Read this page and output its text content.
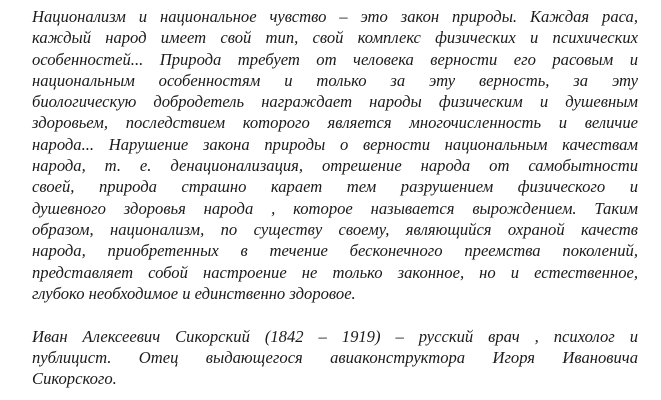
Национализм и национальное чувство – это закон природы. Каждая раса,
каждый народ имеет свой тип, свой комплекс физических и психических
особенностей... Природа требует от человека верности его расовым и
национальным особенностям и только за эту верность, за эту
биологическую добродетель награждает народы физическим и душевным
здоровьем, последствием которого является многочисленность и величие
народа... Нарушение закона природы о верности национальным качествам
народа, т. е. денационализация, отрешение народа от самобытности
своей, природа страшно карает тем разрушением физического и
душевного здоровья народа , которое называется вырождением. Таким
образом, национализм, по существу своему, являющийся охраной качеств
народа, приобретенных в течение бесконечного преемства поколений,
представляет собой настроение не только законное, но и естественное,
глубоко необходимое и единственно здоровое.
Иван Алексеевич Сикорский (1842 – 1919) – русский врач , психолог и
публицист. Отец выдающегося авиаконструктора Игоря Ивановича
Сикорского.
